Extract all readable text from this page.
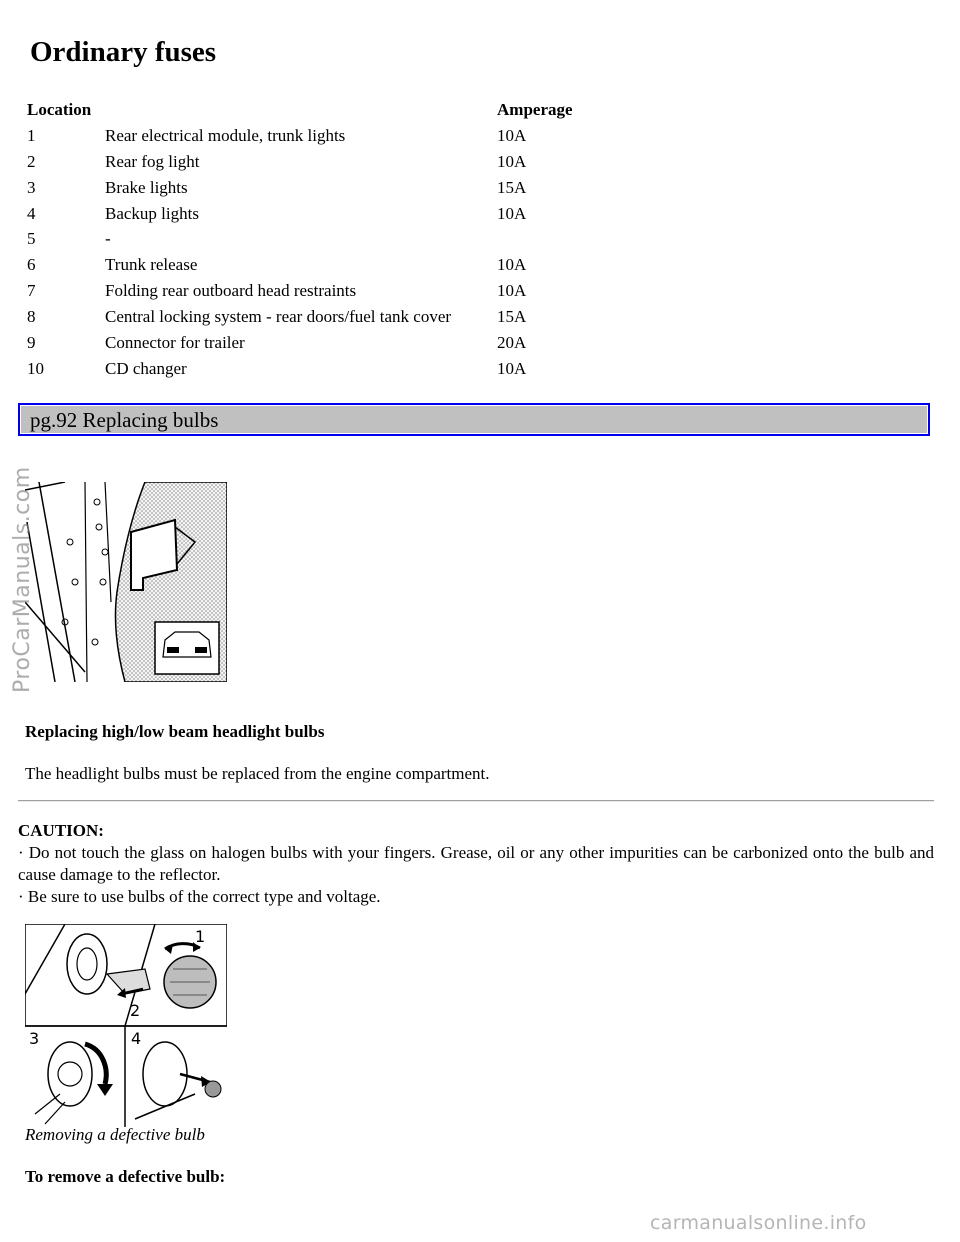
Ordinary fuses
Location		Amperage
1	Rear electrical module, trunk lights	10A
2	Rear fog light	10A
3	Brake lights	15A
4	Backup lights	10A
5	-	
6	Trunk release	10A
7	Folding rear outboard head restraints	10A
8	Central locking system - rear doors/fuel tank cover	15A
9	Connector for trailer	20A
10	CD changer	10A
pg.92 Replacing bulbs
ProCarManuals.com
Replacing high/low beam headlight bulbs
The headlight bulbs must be replaced from the engine compartment.
CAUTION:
· Do not touch the glass on halogen bulbs with your fingers. Grease, oil or any other impurities can be carbonized onto the bulb and cause damage to the reflector.
· Be sure to use bulbs of the correct type and voltage.
1
2
3	4
Removing a defective bulb
To remove a defective bulb:
carmanualsonline.info
